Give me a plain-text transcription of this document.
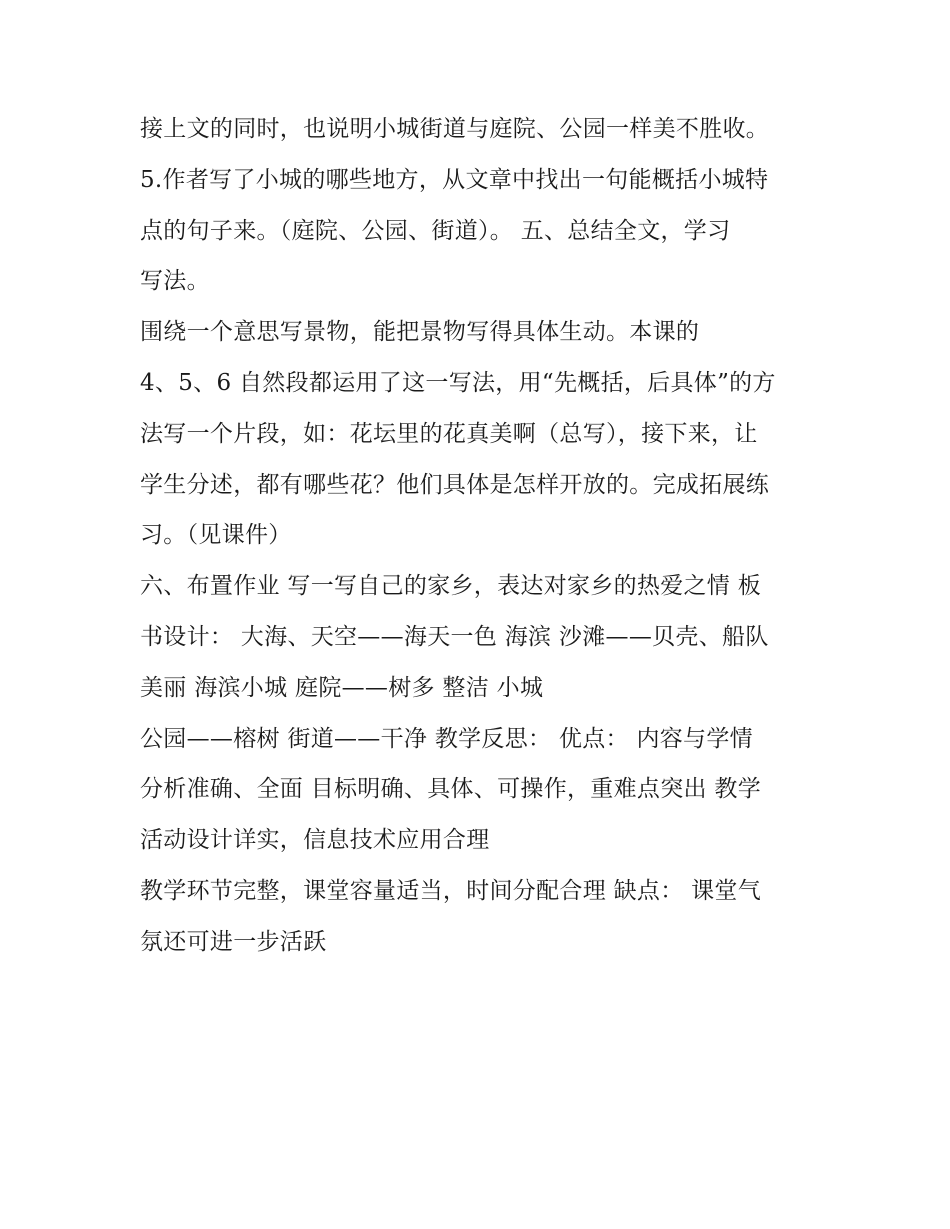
接上文的同时，也说明小城街道与庭院、公园一样美不胜收。
5.作者写了小城的哪些地方，从文章中找出一句能概括小城特
点的句子来。（庭院、公园、街道）。 五、总结全文，学习
写法。
围绕一个意思写景物，能把景物写得具体生动。本课的
4、5、6 自然段都运用了这一写法，用“先概括，后具体”的方
法写一个片段，如：花坛里的花真美啊（总写），接下来，让
学生分述，都有哪些花？他们具体是怎样开放的。完成拓展练
习。（见课件）
六、布置作业 写一写自己的家乡，表达对家乡的热爱之情 板
书设计： 大海、天空——海天一色 海滨 沙滩——贝壳、船队
美丽 海滨小城 庭院——树多 整洁 小城
公园——榕树 街道——干净 教学反思： 优点： 内容与学情
分析准确、全面 目标明确、具体、可操作，重难点突出 教学
活动设计详实，信息技术应用合理
教学环节完整，课堂容量适当，时间分配合理 缺点： 课堂气
氛还可进一步活跃
